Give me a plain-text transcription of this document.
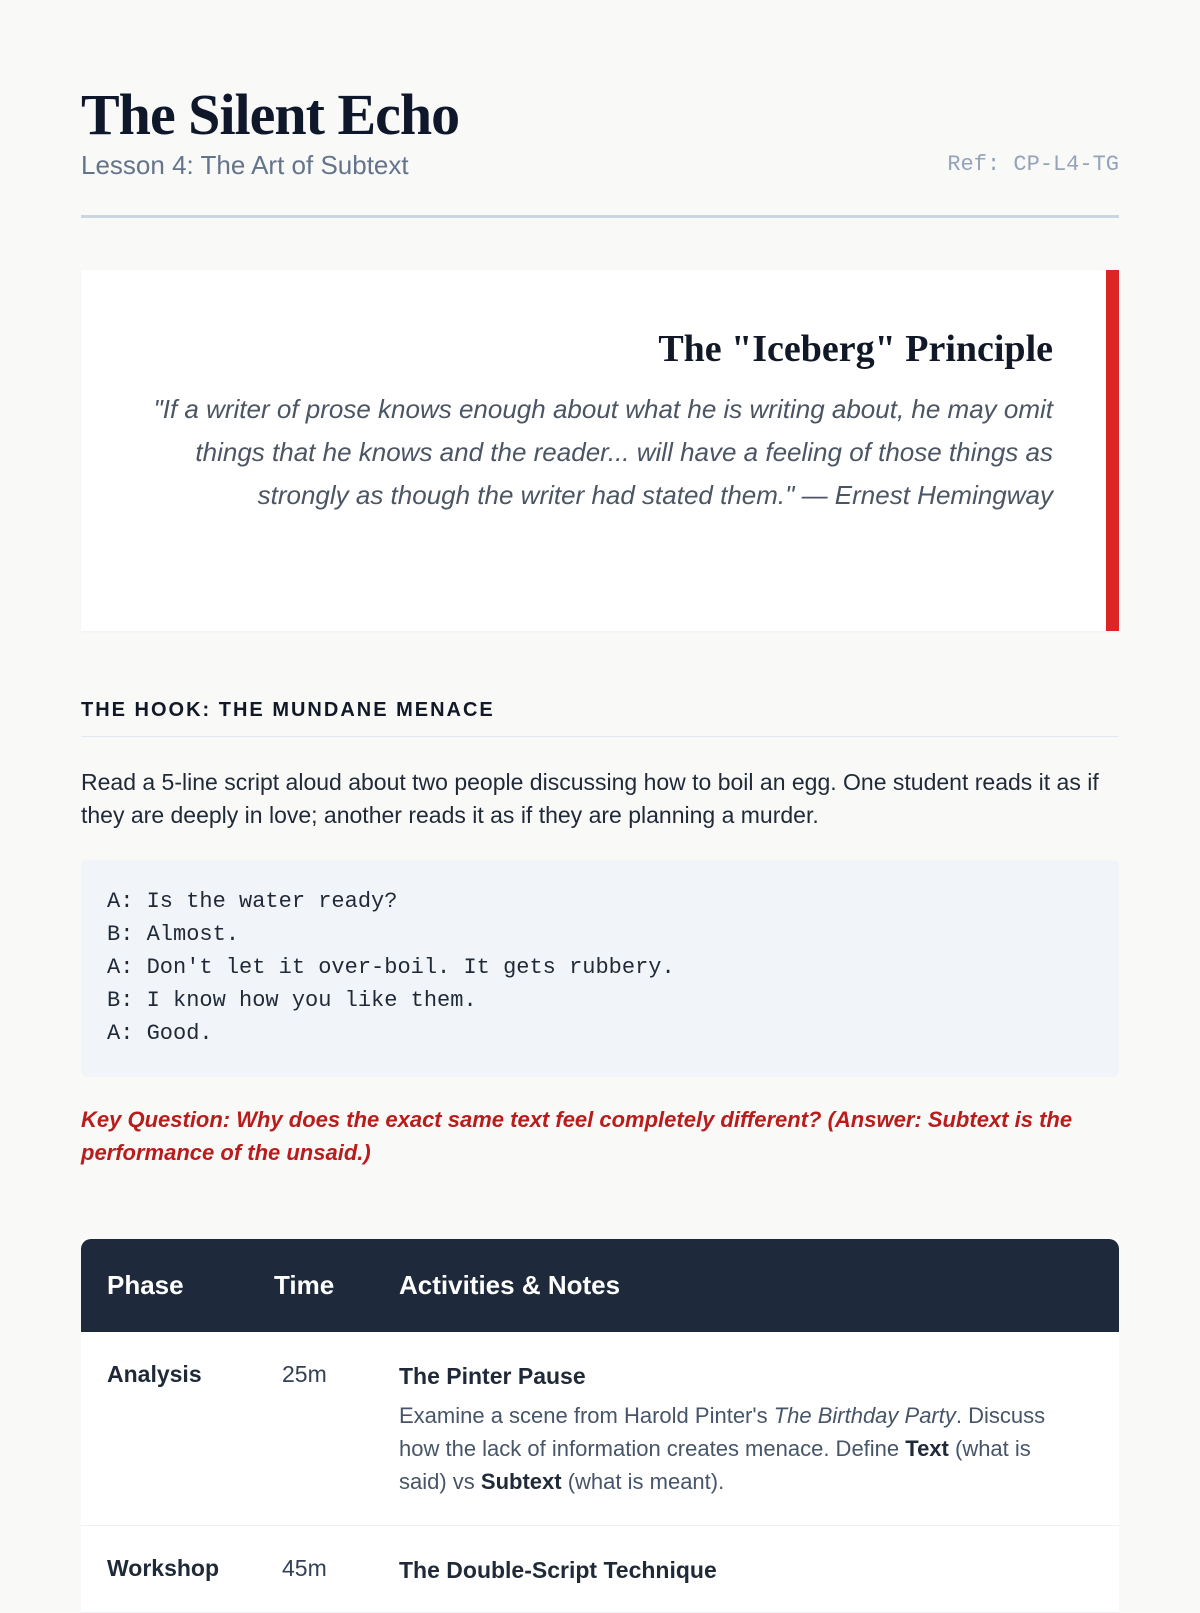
The Silent Echo
Lesson 4: The Art of Subtext	Ref: CP-L4-TG
The "Iceberg" Principle
"If a writer of prose knows enough about what he is writing about, he may omit things that he knows and the reader... will have a feeling of those things as strongly as though the writer had stated them." — Ernest Hemingway
THE HOOK: THE MUNDANE MENACE

Read a 5-line script aloud about two people discussing how to boil an egg. One student reads it as if they are deeply in love; another reads it as if they are planning a murder.

A: Is the water ready?
B: Almost.
A: Don't let it over-boil. It gets rubbery.
B: I know how you like them.
A: Good.
Key Question: Why does the exact same text feel completely different? (Answer: Subtext is the performance of the unsaid.)
Phase	Time	Activities & Notes
Analysis	25m	The Pinter Pause
Examine a scene from Harold Pinter's The Birthday Party. Discuss how the lack of information creates menace. Define Text (what is said) vs Subtext (what is meant).

Workshop	45m	The Double-Script Technique
